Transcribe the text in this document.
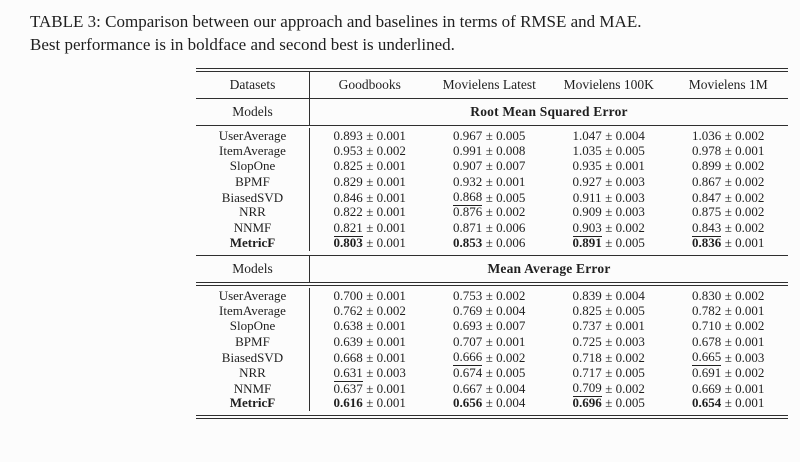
TABLE 3: Comparison between our approach and baselines in terms of RMSE and MAE.
Best performance is in boldface and second best is underlined.

Datasets	Goodbooks	Movielens Latest	Movielens 100K	Movielens 1M
Models	Root Mean Squared Error
UserAverage	0.893 ± 0.001	0.967 ± 0.005	1.047 ± 0.004	1.036 ± 0.002
ItemAverage	0.953 ± 0.002	0.991 ± 0.008	1.035 ± 0.005	0.978 ± 0.001
SlopOne	0.825 ± 0.001	0.907 ± 0.007	0.935 ± 0.001	0.899 ± 0.002
BPMF	0.829 ± 0.001	0.932 ± 0.001	0.927 ± 0.003	0.867 ± 0.002
BiasedSVD	0.846 ± 0.001	0.868 ± 0.005	0.911 ± 0.003	0.847 ± 0.002
NRR	0.822 ± 0.001	0.876 ± 0.002	0.909 ± 0.003	0.875 ± 0.002
NNMF	0.821 ± 0.001	0.871 ± 0.006	0.903 ± 0.002	0.843 ± 0.002
MetricF	0.803 ± 0.001	0.853 ± 0.006	0.891 ± 0.005	0.836 ± 0.001
Models	Mean Average Error
UserAverage	0.700 ± 0.001	0.753 ± 0.002	0.839 ± 0.004	0.830 ± 0.002
ItemAverage	0.762 ± 0.002	0.769 ± 0.004	0.825 ± 0.005	0.782 ± 0.001
SlopOne	0.638 ± 0.001	0.693 ± 0.007	0.737 ± 0.001	0.710 ± 0.002
BPMF	0.639 ± 0.001	0.707 ± 0.001	0.725 ± 0.003	0.678 ± 0.001
BiasedSVD	0.668 ± 0.001	0.666 ± 0.002	0.718 ± 0.002	0.665 ± 0.003
NRR	0.631 ± 0.003	0.674 ± 0.005	0.717 ± 0.005	0.691 ± 0.002
NNMF	0.637 ± 0.001	0.667 ± 0.004	0.709 ± 0.002	0.669 ± 0.001
MetricF	0.616 ± 0.001	0.656 ± 0.004	0.696 ± 0.005	0.654 ± 0.001
